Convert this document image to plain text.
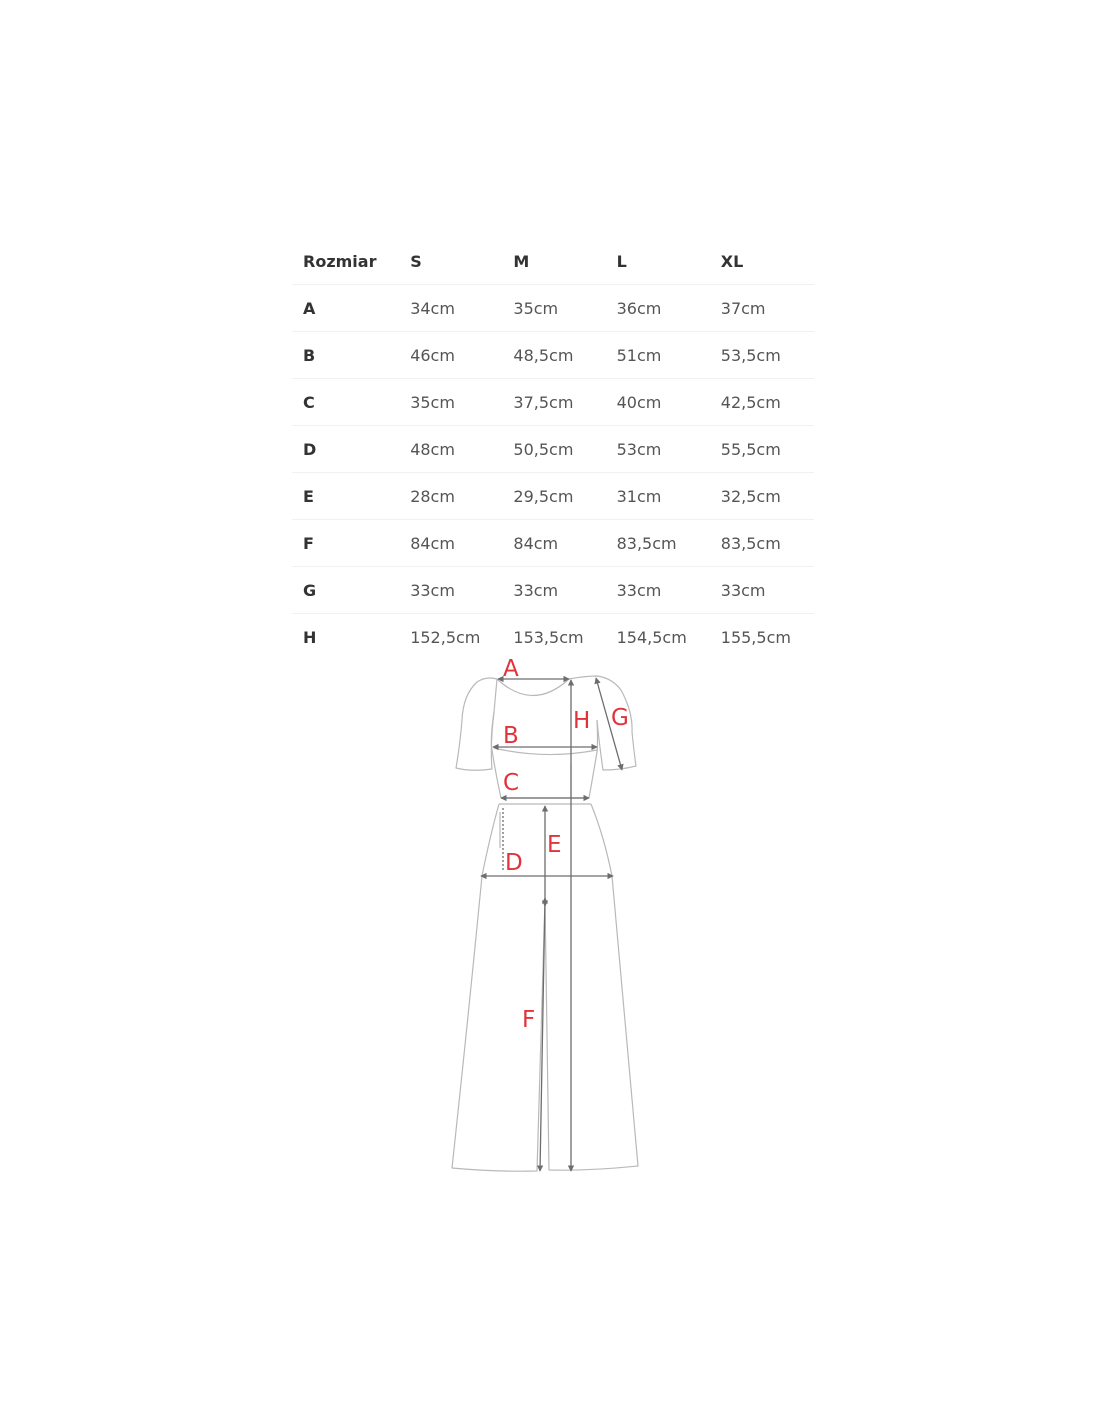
Rozmiar	S	M	L	XL
A	34cm	35cm	36cm	37cm
B	46cm	48,5cm	51cm	53,5cm
C	35cm	37,5cm	40cm	42,5cm
D	48cm	50,5cm	53cm	55,5cm
E	28cm	29,5cm	31cm	32,5cm
F	84cm	84cm	83,5cm	83,5cm
G	33cm	33cm	33cm	33cm
H	152,5cm	153,5cm	154,5cm	155,5cm
A
B
C
D
E
F
G
H
